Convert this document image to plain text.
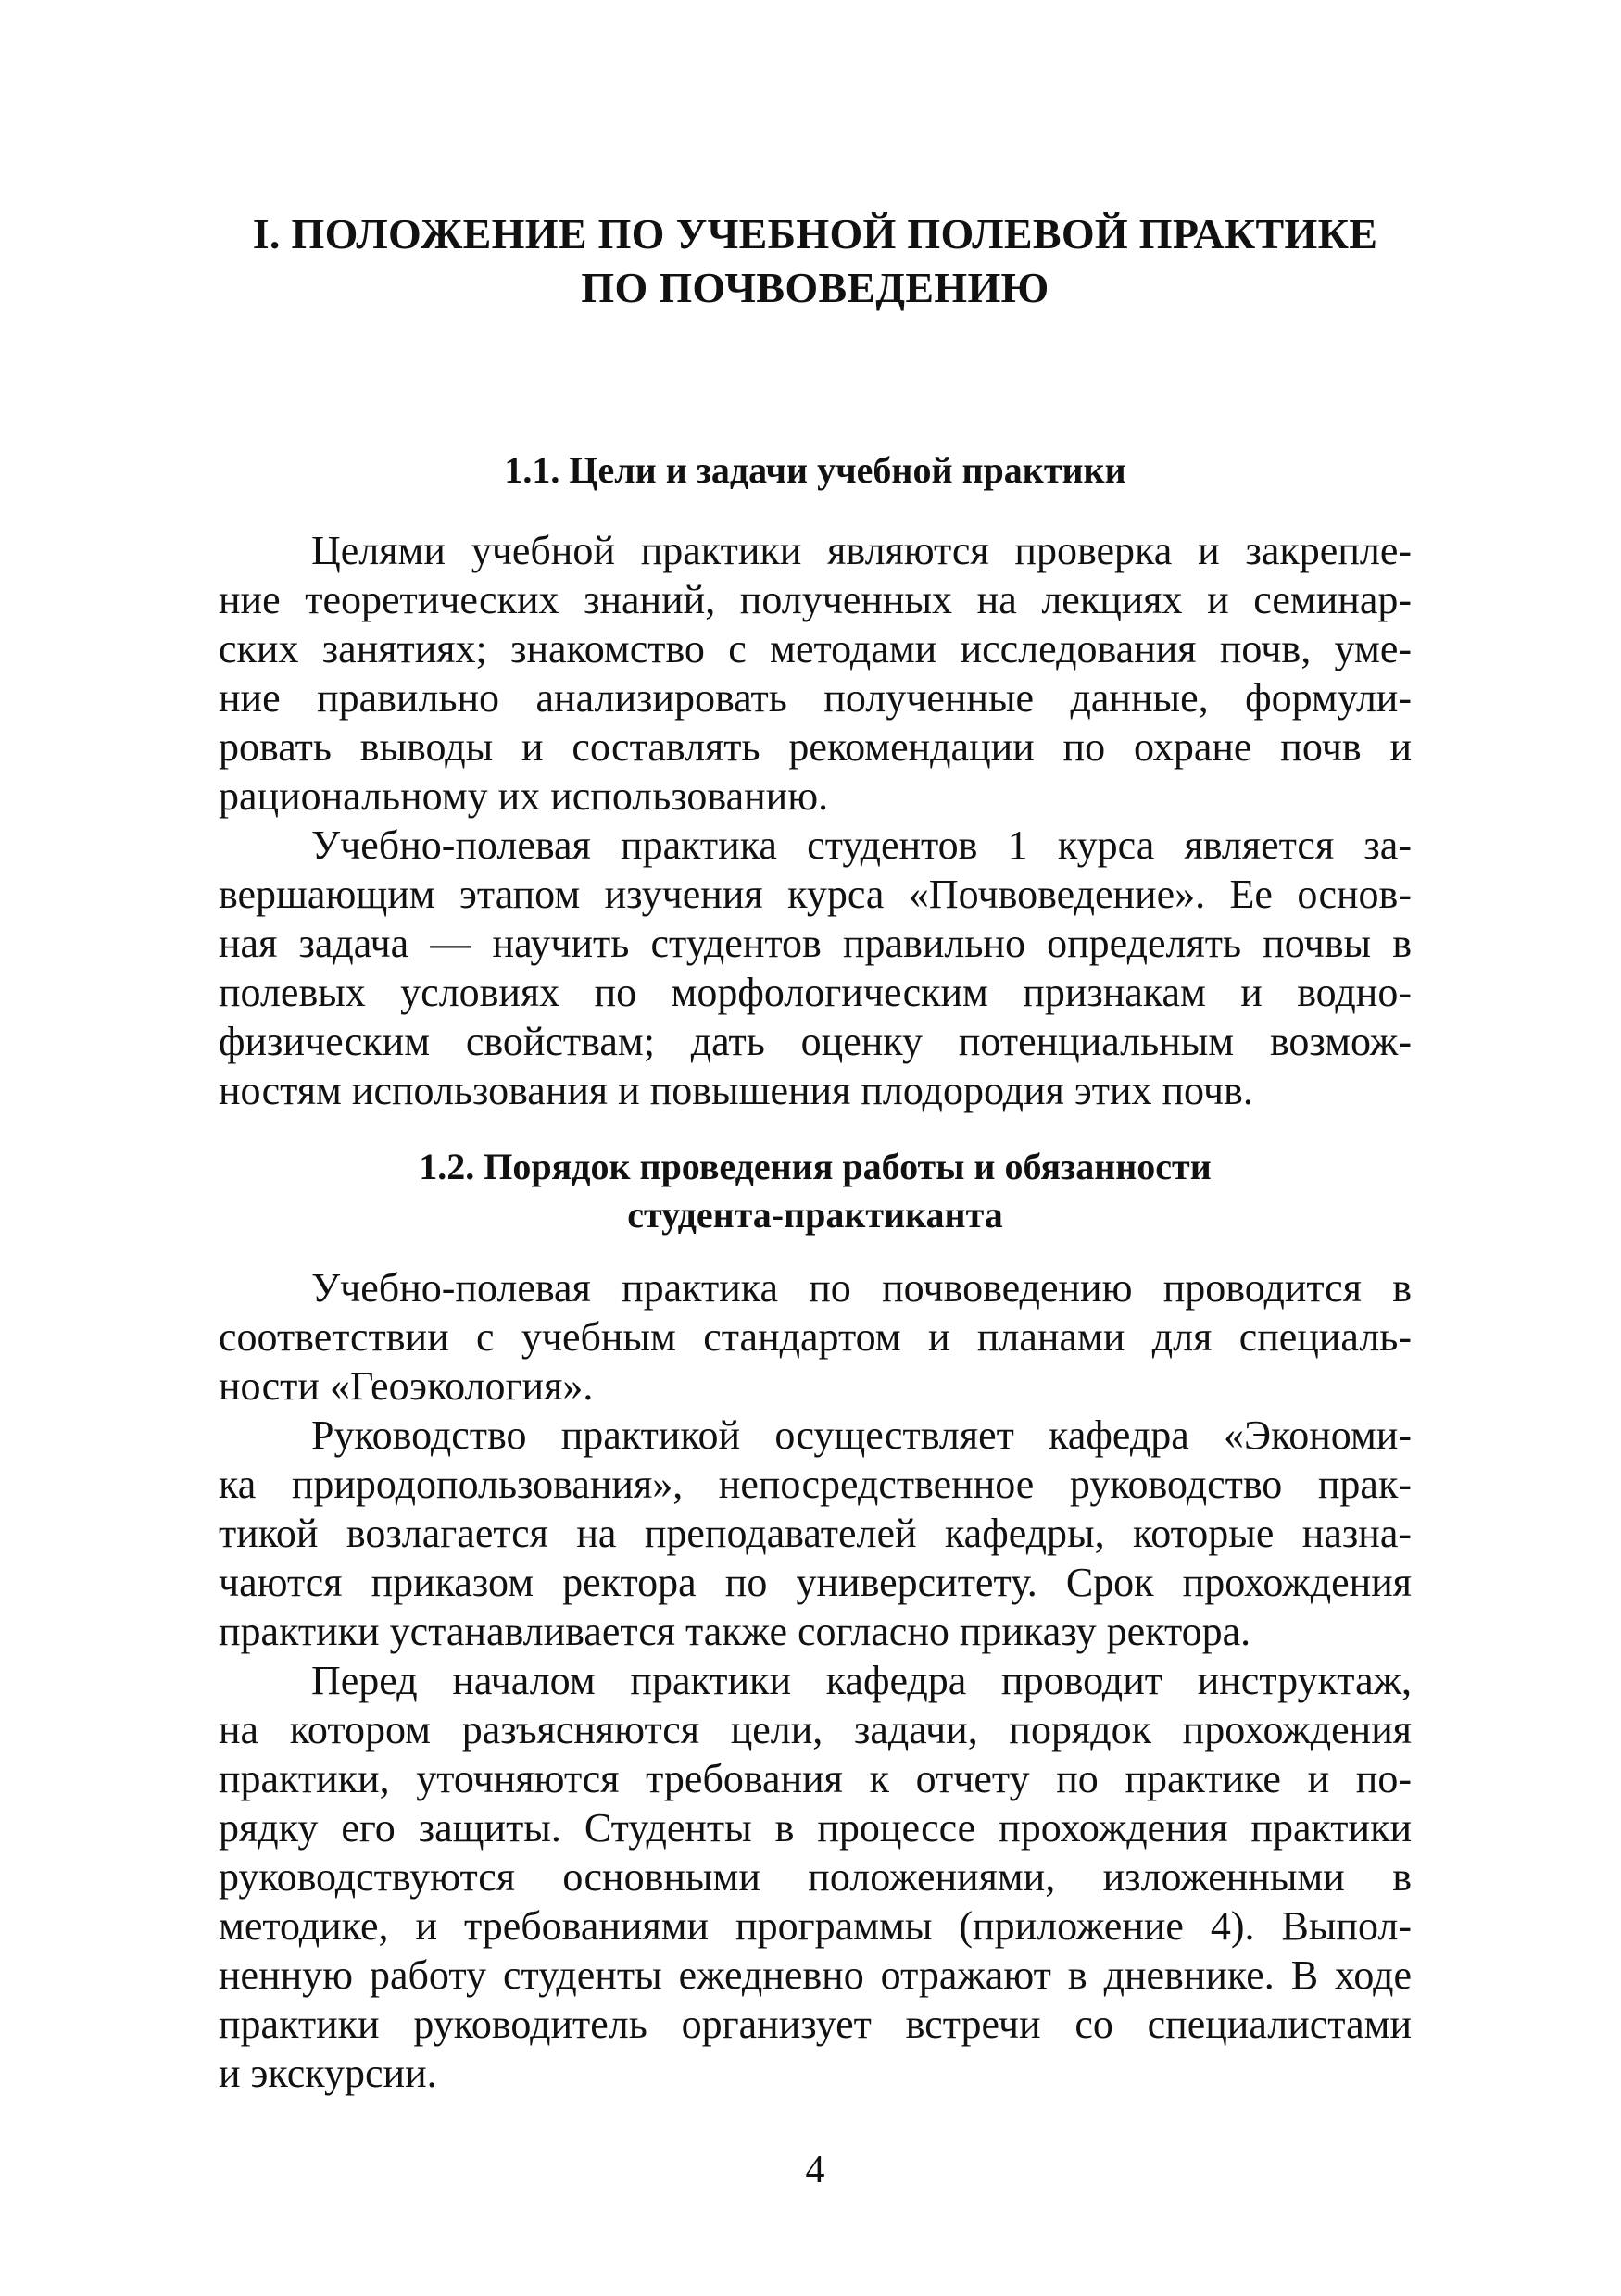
I. ПОЛОЖЕНИЕ ПО УЧЕБНОЙ ПОЛЕВОЙ ПРАКТИКЕ
ПО ПОЧВОВЕДЕНИЮ
1.1. Цели и задачи учебной практики

Целями учебной практики являются проверка и закрепле-
ние теоретических знаний, полученных на лекциях и семинар-
ских занятиях; знакомство с методами исследования почв, уме-
ние правильно анализировать полученные данные, формули-
ровать выводы и составлять рекомендации по охране почв и
рациональному их использованию.

Учебно-полевая практика студентов 1 курса является за-
вершающим этапом изучения курса «Почвоведение». Ее основ-
ная задача — научить студентов правильно определять почвы в
полевых условиях по морфологическим признакам и водно-
физическим свойствам; дать оценку потенциальным возмож-
ностям использования и повышения плодородия этих почв.

1.2. Порядок проведения работы и обязанности
студента-практиканта

Учебно-полевая практика по почвоведению проводится в
соответствии с учебным стандартом и планами для специаль-
ности «Геоэкология».

Руководство практикой осуществляет кафедра «Экономи-
ка природопользования», непосредственное руководство прак-
тикой возлагается на преподавателей кафедры, которые назна-
чаются приказом ректора по университету. Срок прохождения
практики устанавливается также согласно приказу ректора.

Перед началом практики кафедра проводит инструктаж,
на котором разъясняются цели, задачи, порядок прохождения
практики, уточняются требования к отчету по практике и по-
рядку его защиты. Студенты в процессе прохождения практики
руководствуются основными положениями, изложенными в
методике, и требованиями программы (приложение 4). Выпол-
ненную работу студенты ежедневно отражают в дневнике. В ходе
практики руководитель организует встречи со специалистами
и экскурсии.

4
